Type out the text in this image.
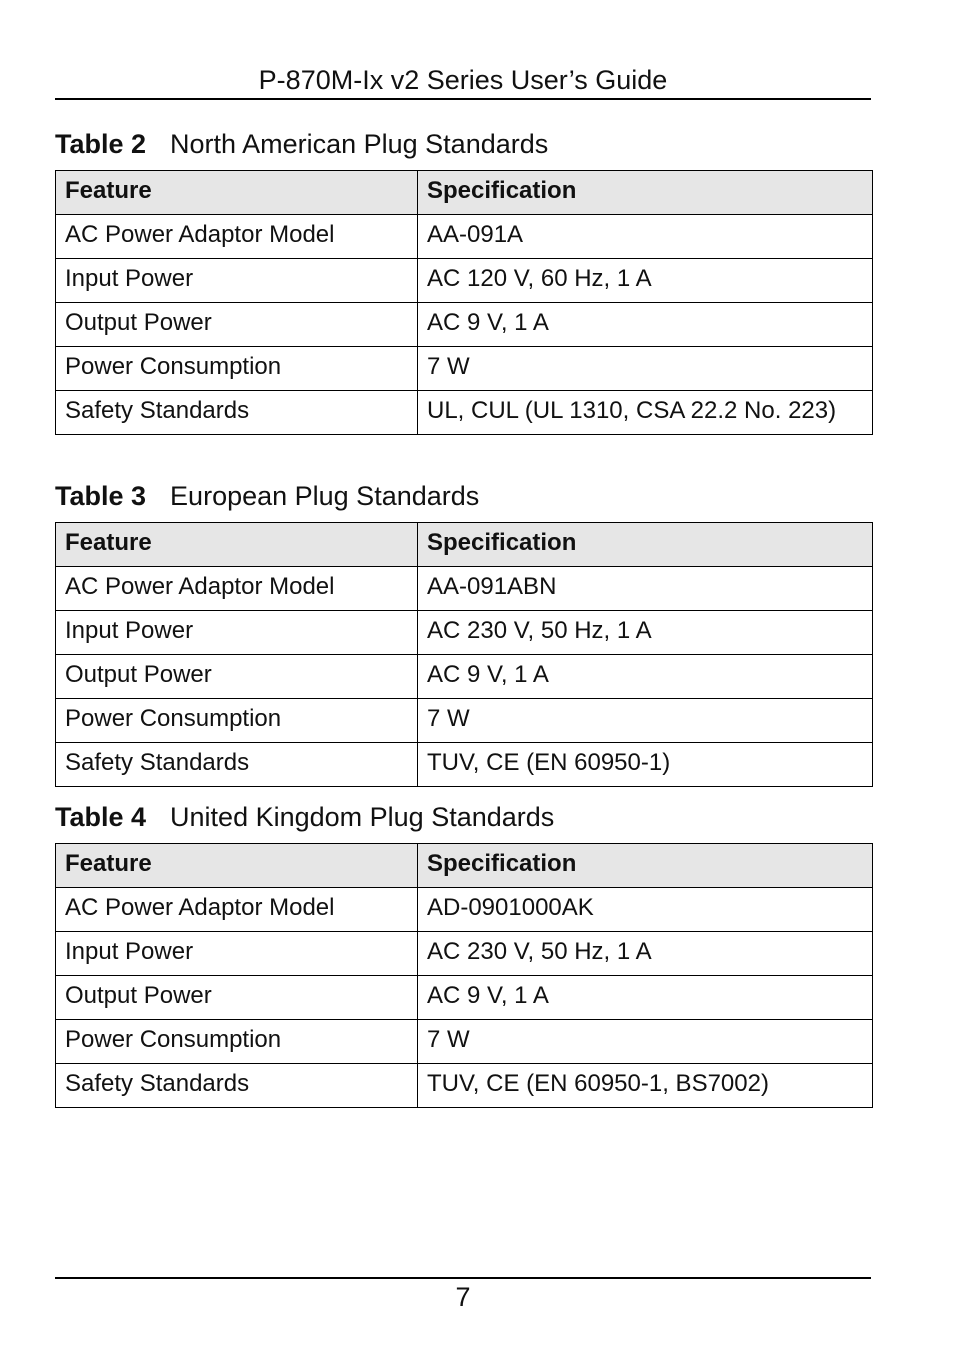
P-870M-Ix v2 Series User’s Guide
Table 2 North American Plug Standards
Feature	Specification
AC Power Adaptor Model	AA-091A
Input Power	AC 120 V, 60 Hz, 1 A
Output Power	AC 9 V, 1 A
Power Consumption	7 W
Safety Standards	UL, CUL (UL 1310, CSA 22.2 No. 223)
Table 3 European Plug Standards
Feature	Specification
AC Power Adaptor Model	AA-091ABN
Input Power	AC 230 V, 50 Hz, 1 A
Output Power	AC 9 V, 1 A
Power Consumption	7 W
Safety Standards	TUV, CE (EN 60950-1)
Table 4 United Kingdom Plug Standards
Feature	Specification
AC Power Adaptor Model	AD-0901000AK
Input Power	AC 230 V, 50 Hz, 1 A
Output Power	AC 9 V, 1 A
Power Consumption	7 W
Safety Standards	TUV, CE (EN 60950-1, BS7002)
7
